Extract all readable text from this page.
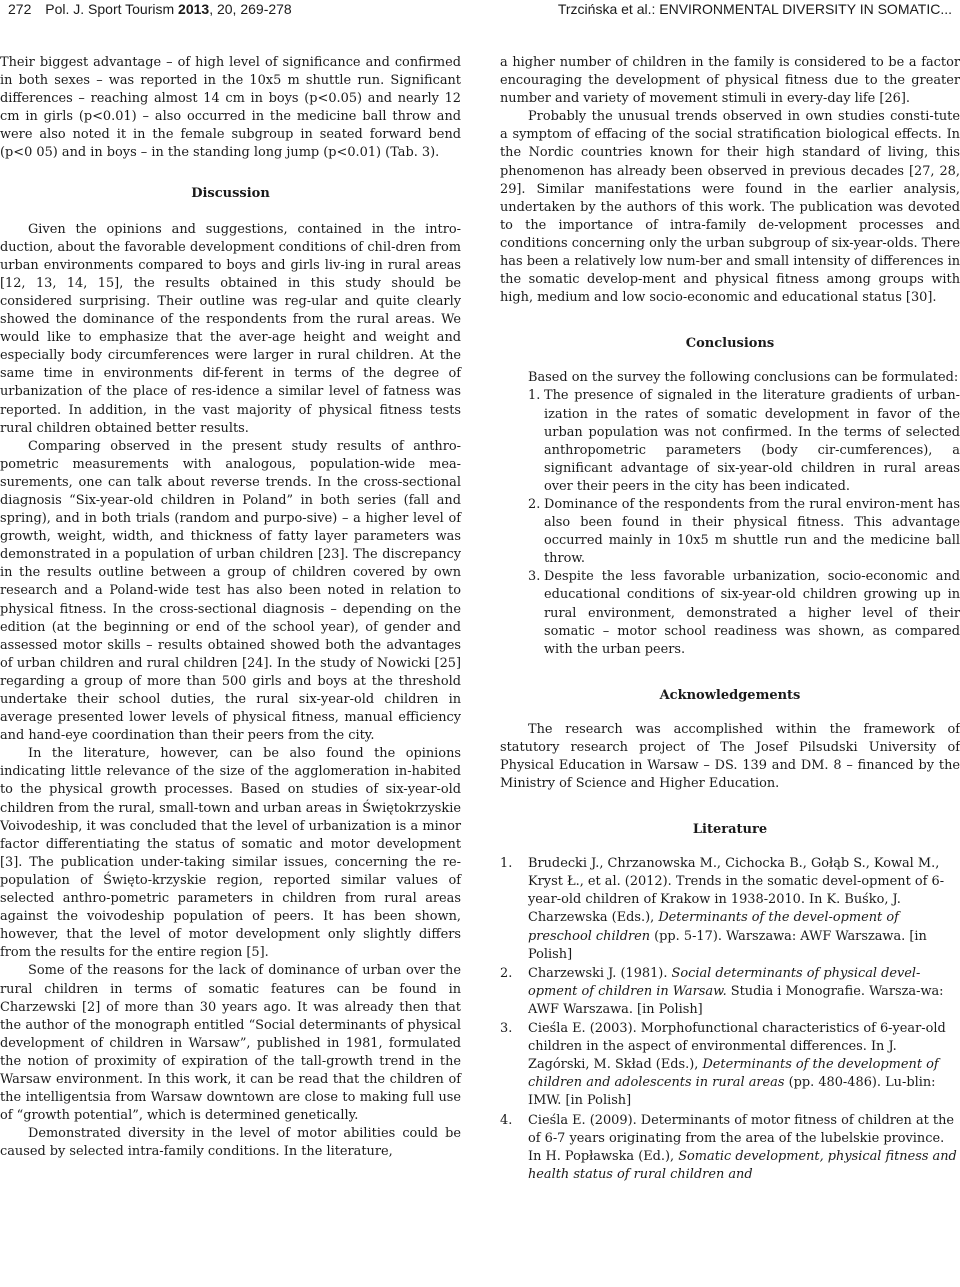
272 Pol. J. Sport Tourism 2013, 20, 269-278	Trzcińska et al.: ENVIRONMENTAL DIVERSITY IN SOMATIC...

Their biggest advantage – of high level of significance and confirmed in both sexes – was reported in the 10x5 m shuttle run. Significant differences – reaching almost 14 cm in boys (p<0.05) and nearly 12 cm in girls (p<0.01) – also occurred in the medicine ball throw and were also noted it in the female subgroup in seated forward bend (p<0 05) and in boys – in the standing long jump (p<0.01) (Tab. 3).

Discussion

Given the opinions and suggestions, contained in the intro-duction, about the favorable development conditions of chil-dren from urban environments compared to boys and girls liv-ing in rural areas [12, 13, 14, 15], the results obtained in this study should be considered surprising. Their outline was reg-ular and quite clearly showed the dominance of the respondents from the rural areas. We would like to emphasize that the aver-age height and weight and especially body circumferences were larger in rural children. At the same time in environments dif-ferent in terms of the degree of urbanization of the place of res-idence a similar level of fatness was reported. In addition, in the vast majority of physical fitness tests rural children obtained better results.

Comparing observed in the present study results of anthro-pometric measurements with analogous, population-wide mea-surements, one can talk about reverse trends. In the cross-sectional diagnosis “Six-year-old children in Poland” in both series (fall and spring), and in both trials (random and purpo-sive) – a higher level of growth, weight, width, and thickness of fatty layer parameters was demonstrated in a population of urban children [23]. The discrepancy in the results outline between a group of children covered by own research and a Poland-wide test has also been noted in relation to physical fitness. In the cross-sectional diagnosis – depending on the edition (at the beginning or end of the school year), of gender and assessed motor skills – results obtained showed both the advantages of urban children and rural children [24]. In the study of Nowicki [25] regarding a group of more than 500 girls and boys at the threshold undertake their school duties, the rural six-year-old children in average presented lower levels of physical fitness, manual efficiency and hand-eye coordination than their peers from the city.

In the literature, however, can be also found the opinions indicating little relevance of the size of the agglomeration in-habited to the physical growth processes. Based on studies of six-year-old children from the rural, small-town and urban areas in Świętokrzyskie Voivodeship, it was concluded that the level of urbanization is a minor factor differentiating the status of somatic and motor development [3]. The publication under-taking similar issues, concerning the re-population of Święto-krzyskie region, reported similar values of selected anthro-pometric parameters in children from rural areas against the voivodeship population of peers. It has been shown, however, that the level of motor development only slightly differs from the results for the entire region [5].

Some of the reasons for the lack of dominance of urban over the rural children in terms of somatic features can be found in Charzewski [2] of more than 30 years ago. It was already then that the author of the monograph entitled “Social determinants of physical development of children in Warsaw”, published in 1981, formulated the notion of proximity of expiration of the tall-growth trend in the Warsaw environment. In this work, it can be read that the children of the intelligentsia from Warsaw downtown are close to making full use of “growth potential”, which is determined genetically.

Demonstrated diversity in the level of motor abilities could be caused by selected intra-family conditions. In the literature,

a higher number of children in the family is considered to be a factor encouraging the development of physical fitness due to the greater number and variety of movement stimuli in every-day life [26].

Probably the unusual trends observed in own studies consti-tute a symptom of effacing of the social stratification biological effects. In the Nordic countries known for their high standard of living, this phenomenon has already been observed in previous decades [27, 28, 29]. Similar manifestations were found in the earlier analysis, undertaken by the authors of this work. The publication was devoted to the importance of intra-family de-velopment processes and conditions concerning only the urban subgroup of six-year-olds. There has been a relatively low num-ber and small intensity of differences in the somatic develop-ment and physical fitness among groups with high, medium and low socio-economic and educational status [30].

Conclusions

Based on the survey the following conclusions can be formulated:

1. The presence of signaled in the literature gradients of urban-ization in the rates of somatic development in favor of the urban population was not confirmed. In the terms of selected anthropometric parameters (body cir-cumferences), a significant advantage of six-year-old children in rural areas over their peers in the city has been indicated.
2. Dominance of the respondents from the rural environ-ment has also been found in their physical fitness. This advantage occurred mainly in 10x5 m shuttle run and the medicine ball throw.
3. Despite the less favorable urbanization, socio-economic and educational conditions of six-year-old children growing up in rural environment, demonstrated a higher level of their somatic – motor school readiness was shown, as compared with the urban peers.
Acknowledgements

The research was accomplished within the framework of statutory research project of The Josef Pilsudski University of Physical Education in Warsaw – DS. 139 and DM. 8 – financed by the Ministry of Science and Higher Education.

Literature
1. Brudecki J., Chrzanowska M., Cichocka B., Gołąb S., Kowal M., Kryst Ł., et al. (2012). Trends in the somatic devel-opment of 6-year-old children of Krakow in 1938-2010. In K. Buśko, J. Charzewska (Eds.), Determinants of the devel-opment of preschool children (pp. 5-17). Warszawa: AWF Warszawa. [in Polish]
2. Charzewski J. (1981). Social determinants of physical devel-opment of children in Warsaw. Studia i Monografie. Warsza-wa: AWF Warszawa. [in Polish]
3. Cieśla E. (2003). Morphofunctional characteristics of 6-year-old children in the aspect of environmental differences. In J. Zagórski, M. Skład (Eds.), Determinants of the development of children and adolescents in rural areas (pp. 480-486). Lu-blin: IMW. [in Polish]
4. Cieśla E. (2009). Determinants of motor fitness of children at the of 6-7 years originating from the area of the lubelskie province. In H. Popławska (Ed.), Somatic development, physical fitness and health status of rural children and
